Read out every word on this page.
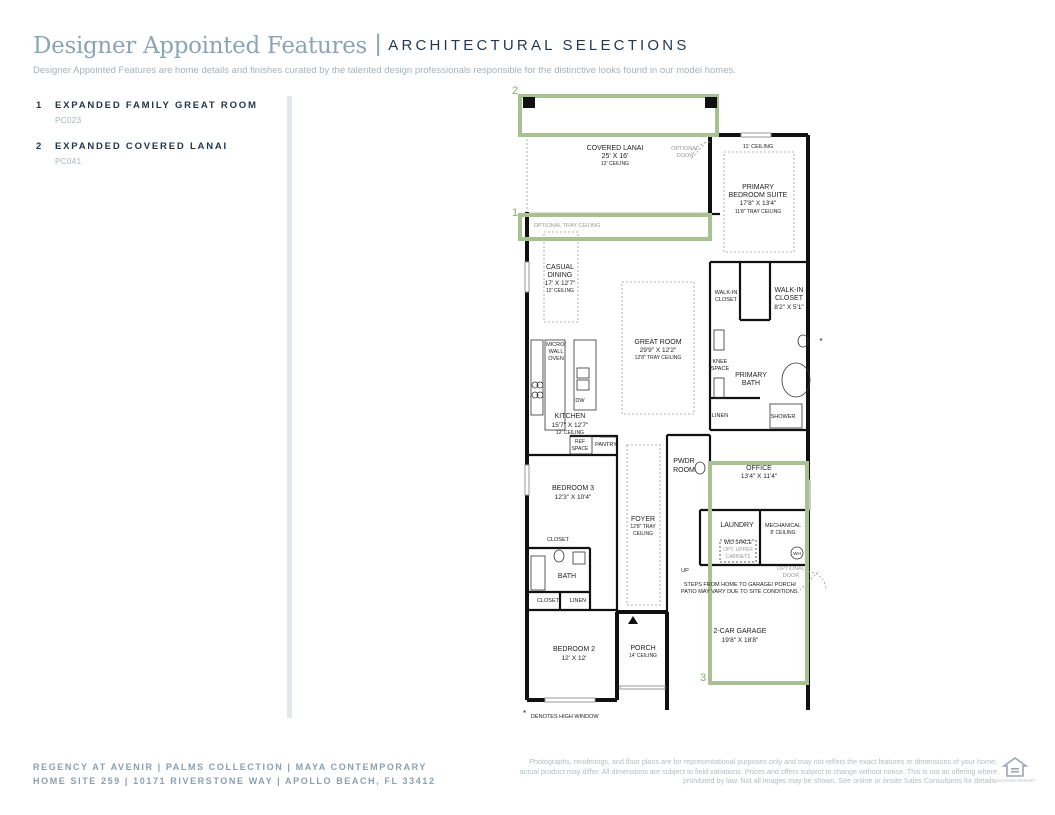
Designer Appointed Features | ARCHITECTURAL SELECTIONS
Designer Appointed Features are home details and finishes curated by the talented design professionals responsible for the distinctive looks found in our model homes.
1 EXPANDED FAMILY GREAT ROOM
PC023
2 EXPANDED COVERED LANAI
PC041
2
1
3
COVERED LANAI
25' X 16'
12' CEILING
OPTIONAL
DOOR
11' CEILING
PRIMARY
BEDROOM SUITE
17'8" X 13'4"
11'8" TRAY CEILING
OPTIONAL TRAY CEILING
CASUAL
DINING
17' X 12'7"
12' CEILING	WALK-IN
CLOSET
WALK-IN
CLOSET
8'2" X 5'1"
*
MICRO/
WALL
OVEN
GREAT ROOM
29'9" X 12'2"
12'8" TRAY CEILING
KNEE
SPACE
PRIMARY
BATH
DW
KITCHEN
15'7" X 12'7"
12' CEILING
LINEN	SHOWER
REF
SPACE
PANTRY
PWDR
ROOM	OFFICE
13'4" X 11'4"
BEDROOM 3
12'3" X 10'4"
FOYER
12'8" TRAY
CEILING
LAUNDRY MECHANICAL
8' CEILING
CLOSET	W/D SPACE
OPT. UPPER
CABINETS
WH
BATH
UP	OPTIONAL
DOOR
STEPS FROM HOME TO GARAGE/ PORCH/
PATIO MAY VARY DUE TO SITE CONDITIONS.
CLOSET LINEN
2-CAR GARAGE
19'8" X 18'8"
BEDROOM 2
12' X 12'
PORCH
14' CEILING
* DENOTES HIGH WINDOW
REGENCY AT AVENIR | PALMS COLLECTION | MAYA CONTEMPORARY
HOME SITE 259 | 10171 RIVERSTONE WAY | APOLLO BEACH, FL 33412
Photographs, renderings, and floor plans are for representational purposes only and may not reflect the exact features or dimensions of your home; actual product may differ. All dimensions are subject to field variations. Prices and offers subject to change without notice. This is not an offering where prohibited by law. Not all images may be shown. See online or onsite Sales Consultants for details.
EQUAL HOUSING OPPORTUNITY
